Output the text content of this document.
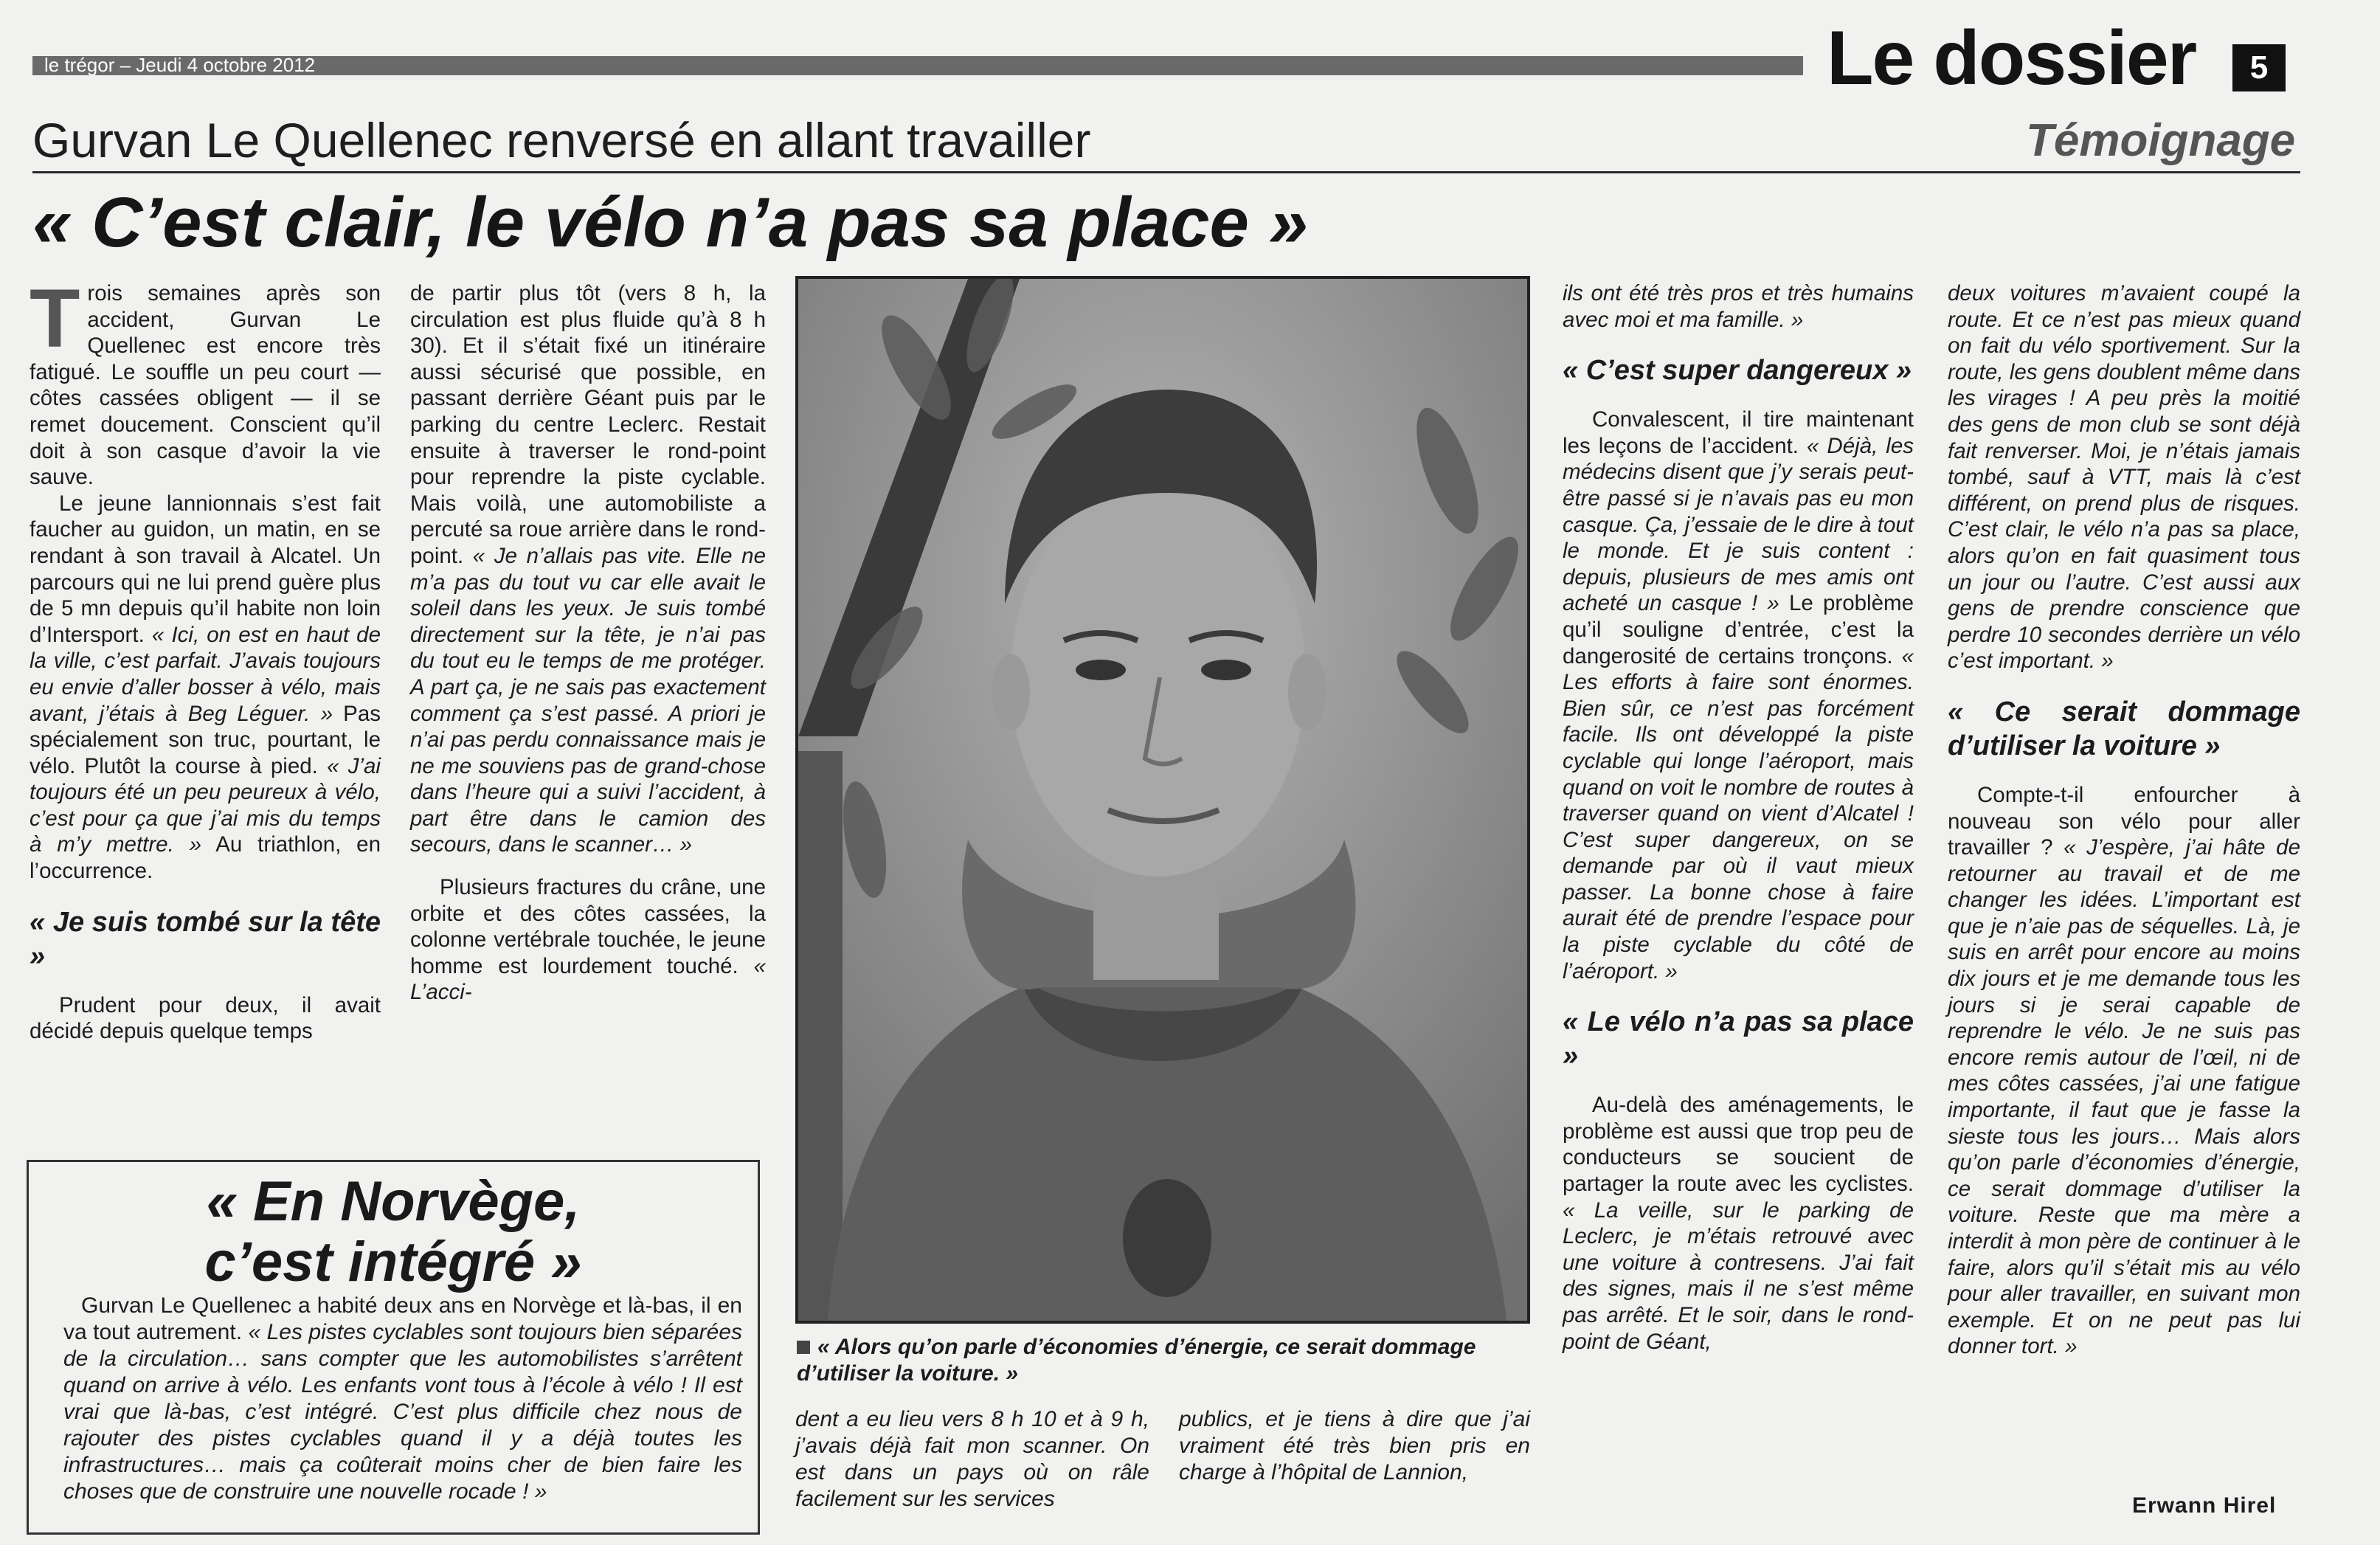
le trégor – Jeudi 4 octobre 2012	Le dossier	5
Gurvan Le Quellenec renversé en allant travailler	Témoignage
« C’est clair, le vélo n’a pas sa place »

Trois semaines après son accident, Gurvan Le Quellenec est encore très fatigué. Le souffle un peu court — côtes cassées obligent — il se remet doucement. Conscient qu’il doit à son casque d’avoir la vie sauve.

Le jeune lannionnais s’est fait faucher au guidon, un matin, en se rendant à son travail à Alcatel. Un parcours qui ne lui prend guère plus de 5 mn depuis qu’il habite non loin d’Intersport. « Ici, on est en haut de la ville, c’est parfait. J’avais toujours eu envie d’aller bosser à vélo, mais avant, j’étais à Beg Léguer. » Pas spécialement son truc, pourtant, le vélo. Plutôt la course à pied. « J’ai toujours été un peu peureux à vélo, c’est pour ça que j’ai mis du temps à m’y mettre. » Au triathlon, en l’occurrence.

« Je suis tombé sur la tête »

Prudent pour deux, il avait décidé depuis quelque temps

de partir plus tôt (vers 8 h, la circulation est plus fluide qu’à 8 h 30). Et il s’était fixé un itinéraire aussi sécurisé que possible, en passant derrière Géant puis par le parking du centre Leclerc. Restait ensuite à traverser le rond-point pour reprendre la piste cyclable. Mais voilà, une automobiliste a percuté sa roue arrière dans le rond-point. « Je n’allais pas vite. Elle ne m’a pas du tout vu car elle avait le soleil dans les yeux. Je suis tombé directement sur la tête, je n’ai pas du tout eu le temps de me protéger. A part ça, je ne sais pas exactement comment ça s’est passé. A priori je n’ai pas perdu connaissance mais je ne me souviens pas de grand-chose dans l’heure qui a suivi l’accident, à part être dans le camion des secours, dans le scanner… »

Plusieurs fractures du crâne, une orbite et des côtes cassées, la colonne vertébrale touchée, le jeune homme est lourdement touché. « L’acci-

« Alors qu’on parle d’économies d’énergie, ce serait dommage d’utiliser la voiture. »
dent a eu lieu vers 8 h 10 et à 9 h, j’avais déjà fait mon scanner. On est dans un pays où on râle facilement sur les services
publics, et je tiens à dire que j’ai vraiment été très bien pris en charge à l’hôpital de Lannion,

ils ont été très pros et très humains avec moi et ma famille. »

« C’est super dangereux »

Convalescent, il tire maintenant les leçons de l’accident. « Déjà, les médecins disent que j’y serais peut-être passé si je n’avais pas eu mon casque. Ça, j’essaie de le dire à tout le monde. Et je suis content : depuis, plusieurs de mes amis ont acheté un casque ! » Le problème qu’il souligne d’entrée, c’est la dangerosité de certains tronçons. « Les efforts à faire sont énormes. Bien sûr, ce n’est pas forcément facile. Ils ont développé la piste cyclable qui longe l’aéroport, mais quand on voit le nombre de routes à traverser quand on vient d’Alcatel ! C’est super dangereux, on se demande par où il vaut mieux passer. La bonne chose à faire aurait été de prendre l’espace pour la piste cyclable du côté de l’aéroport. »

« Le vélo n’a pas sa place »

Au-delà des aménagements, le problème est aussi que trop peu de conducteurs se soucient de partager la route avec les cyclistes. « La veille, sur le parking de Leclerc, je m’étais retrouvé avec une voiture à contresens. J’ai fait des signes, mais il ne s’est même pas arrêté. Et le soir, dans le rond-point de Géant,

deux voitures m’avaient coupé la route. Et ce n’est pas mieux quand on fait du vélo sportivement. Sur la route, les gens doublent même dans les virages ! A peu près la moitié des gens de mon club se sont déjà fait renverser. Moi, je n’étais jamais tombé, sauf à VTT, mais là c’est différent, on prend plus de risques. C’est clair, le vélo n’a pas sa place, alors qu’on en fait quasiment tous un jour ou l’autre. C’est aussi aux gens de prendre conscience que perdre 10 secondes derrière un vélo c’est important. »

« Ce serait dommage d’utiliser la voiture »

Compte-t-il enfourcher à nouveau son vélo pour aller travailler ? « J’espère, j’ai hâte de retourner au travail et de me changer les idées. L’important est que je n’aie pas de séquelles. Là, je suis en arrêt pour encore au moins dix jours et je me demande tous les jours si je serai capable de reprendre le vélo. Je ne suis pas encore remis autour de l’œil, ni de mes côtes cassées, j’ai une fatigue importante, il faut que je fasse la sieste tous les jours… Mais alors qu’on parle d’économies d’énergie, ce serait dommage d’utiliser la voiture. Reste que ma mère a interdit à mon père de continuer à le faire, alors qu’il s’était mis au vélo pour aller travailler, en suivant mon exemple. Et on ne peut pas lui donner tort. »

Erwann Hirel
« En Norvège,
c’est intégré »

Gurvan Le Quellenec a habité deux ans en Norvège et là-bas, il en va tout autrement. « Les pistes cyclables sont toujours bien séparées de la circulation… sans compter que les automobilistes s’arrêtent quand on arrive à vélo. Les enfants vont tous à l’école à vélo ! Il est vrai que là-bas, c’est intégré. C’est plus difficile chez nous de rajouter des pistes cyclables quand il y a déjà toutes les infrastructures… mais ça coûterait moins cher de bien faire les choses que de construire une nouvelle rocade ! »
